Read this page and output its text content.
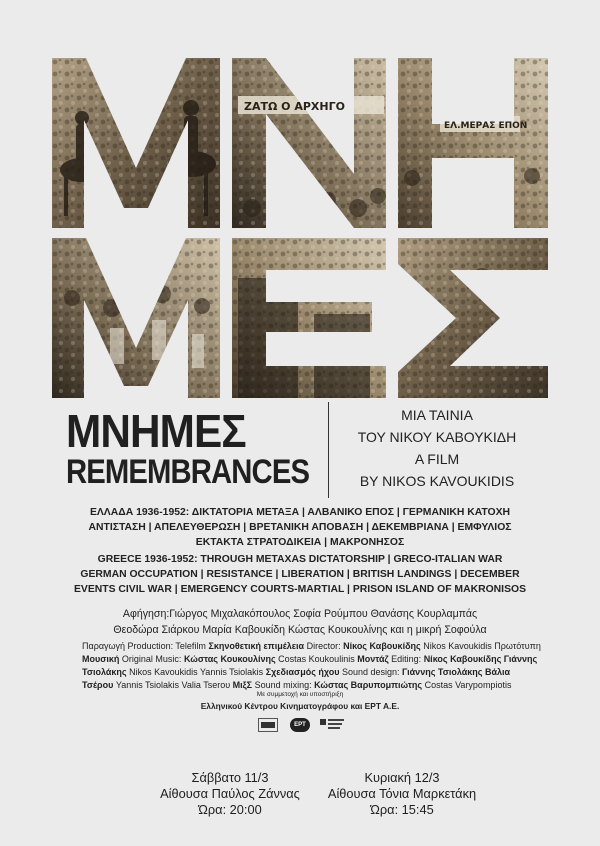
ΖΑΤΩ Ο ΑΡΧΗΓΟ
ΕΛ.ΜΕΡΑΣ ΕΠΟΝ
ΜΝΗΜΕΣ
REMEMBRANCES
ΜΙΑ ΤΑΙΝΙΑ
ΤΟΥ ΝΙΚΟΥ ΚΑΒΟΥΚΙΔΗ
A FILM
BY NIKOS KAVOUKIDIS
ΕΛΛΑΔΑ 1936-1952: ΔΙΚΤΑΤΟΡΙΑ ΜΕΤΑΞΑ | ΑΛΒΑΝΙΚΟ ΕΠΟΣ | ΓΕΡΜΑΝΙΚΗ ΚΑΤΟΧΗ
ΑΝΤΙΣΤΑΣΗ | ΑΠΕΛΕΥΘΕΡΩΣΗ | ΒΡΕΤΑΝΙΚΗ ΑΠΟΒΑΣΗ | ΔΕΚΕΜΒΡΙΑΝΑ | ΕΜΦΥΛΙΟΣ
ΕΚΤΑΚΤΑ ΣΤΡΑΤΟΔΙΚΕΙΑ | ΜΑΚΡΟΝΗΣΟΣ
GREECE 1936-1952: THROUGH METAXAS DICTATORSHIP | GRECO-ITALIAN WAR
GERMAN OCCUPATION | RESISTANCE | LIBERATION | BRITISH LANDINGS | DECEMBER
EVENTS CIVIL WAR | EMERGENCY COURTS-MARTIAL | PRISON ISLAND OF MAKRONISOS
Αφήγηση:Γιώργος Μιχαλακόπουλος Σοφία Ρούμπου Θανάσης Κουρλαμπάς
Θεοδώρα Σιάρκου Μαρία Καβουκίδη Κώστας Κουκουλίνης και η μικρή Σοφούλα
Παραγωγή Production: Telefilm Σκηνοθετική επιμέλεια Director: Νίκος Καβουκίδης Nikos Kavoukidis Πρωτότυπη
Μουσική Original Music: Κώστας Κουκουλίνης Costas Koukoulinis Μοντάζ Editing: Νίκος Καβουκίδης Γιάννης
Τσιολάκης Nikos Kavoukidis Yannis Tsiolakis Σχεδιασμός ήχου Sound design: Γιάννης Τσιολάκης Βάλια
Τσέρου Yannis Tsiolakis Valia Tseroυ ΜιξΣ Sound mixing: Κώστας Βαρυπομπιώτης Costas Varypompiotis
Με συμμετοχή και υποστήριξη
Ελληνικού Κέντρου Κινηματογράφου και ΕΡΤ Α.Ε.
ΕΡΤ
Σάββατο 11/3
Αίθουσα Παύλος Ζάννας
Ώρα: 20:00
Κυριακή 12/3
Αίθουσα Τόνια Μαρκετάκη
Ώρα: 15:45
